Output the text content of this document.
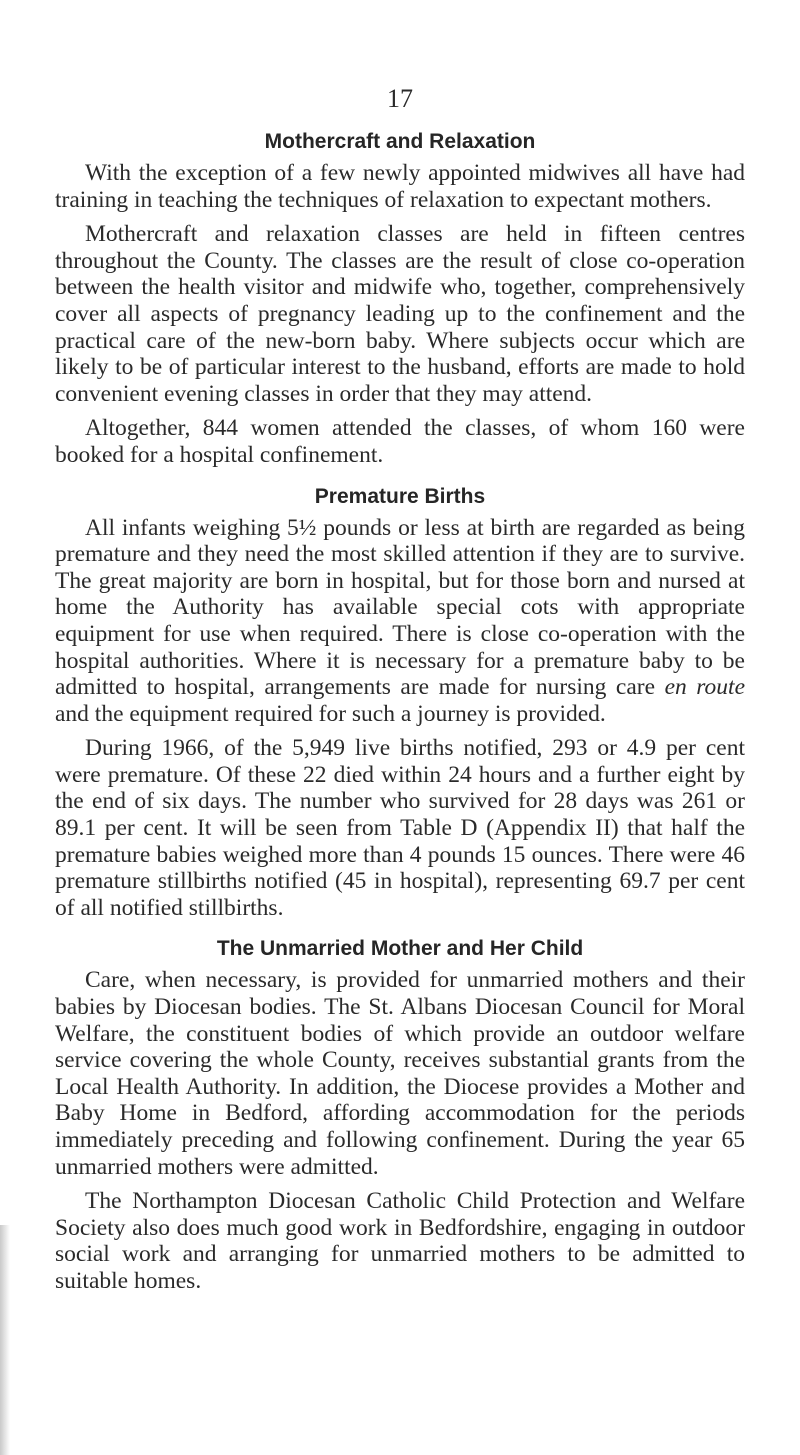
17
Mothercraft and Relaxation

With the exception of a few newly appointed midwives all have had training in teaching the techniques of relaxation to expectant mothers.

Mothercraft and relaxation classes are held in fifteen centres throughout the County. The classes are the result of close co-operation between the health visitor and midwife who, together, comprehensively cover all aspects of pregnancy leading up to the confinement and the practical care of the new-born baby. Where subjects occur which are likely to be of particular interest to the husband, efforts are made to hold convenient evening classes in order that they may attend.

Altogether, 844 women attended the classes, of whom 160 were booked for a hospital confinement.

Premature Births

All infants weighing 5½ pounds or less at birth are regarded as being premature and they need the most skilled attention if they are to survive. The great majority are born in hospital, but for those born and nursed at home the Authority has available special cots with appropriate equipment for use when required. There is close co-operation with the hospital authorities. Where it is necessary for a premature baby to be admitted to hospital, arrangements are made for nursing care en route and the equipment required for such a journey is provided.

During 1966, of the 5,949 live births notified, 293 or 4.9 per cent were premature. Of these 22 died within 24 hours and a further eight by the end of six days. The number who survived for 28 days was 261 or 89.1 per cent. It will be seen from Table D (Appendix II) that half the premature babies weighed more than 4 pounds 15 ounces. There were 46 premature stillbirths notified (45 in hospital), representing 69.7 per cent of all notified stillbirths.

The Unmarried Mother and Her Child

Care, when necessary, is provided for unmarried mothers and their babies by Diocesan bodies. The St. Albans Diocesan Council for Moral Welfare, the constituent bodies of which provide an outdoor welfare service covering the whole County, receives substantial grants from the Local Health Authority. In addition, the Diocese provides a Mother and Baby Home in Bedford, affording accommodation for the periods immediately preceding and following confinement. During the year 65 unmarried mothers were admitted.

The Northampton Diocesan Catholic Child Protection and Welfare Society also does much good work in Bedfordshire, engaging in outdoor social work and arranging for unmarried mothers to be admitted to suitable homes.
